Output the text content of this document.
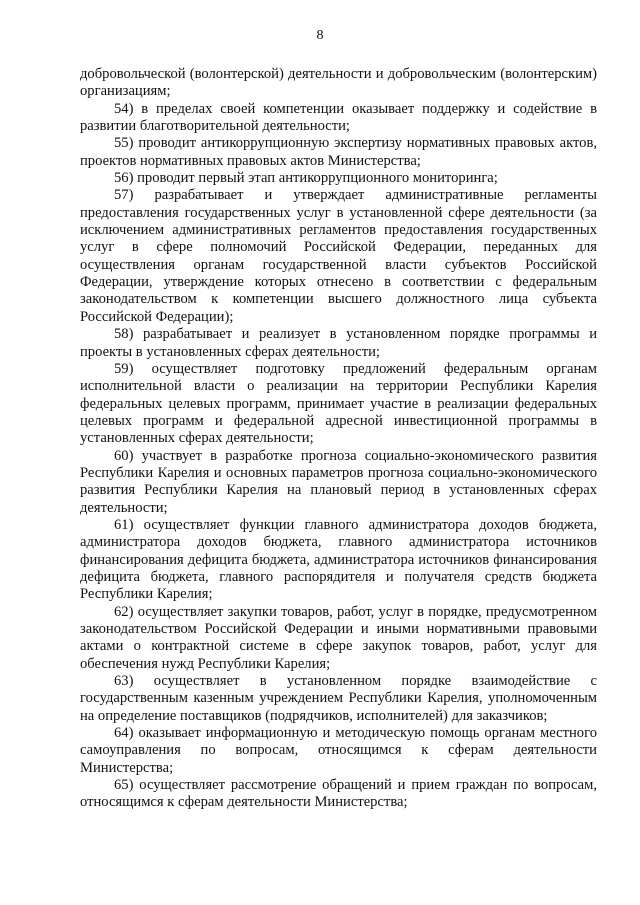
8

добровольческой (волонтерской) деятельности и добровольческим (волонтерским) организациям;

54) в пределах своей компетенции оказывает поддержку и содействие в развитии благотворительной деятельности;

55) проводит антикоррупционную экспертизу нормативных правовых актов, проектов нормативных правовых актов Министерства;

56) проводит первый этап антикоррупционного мониторинга;

57) разрабатывает и утверждает административные регламенты предоставления государственных услуг в установленной сфере деятельности (за исключением административных регламентов предоставления государственных услуг в сфере полномочий Российской Федерации, переданных для осуществления органам государственной власти субъектов Российской Федерации, утверждение которых отнесено в соответствии с федеральным законодательством к компетенции высшего должностного лица субъекта Российской Федерации);

58) разрабатывает и реализует в установленном порядке программы и проекты в установленных сферах деятельности;

59) осуществляет подготовку предложений федеральным органам исполнительной власти о реализации на территории Республики Карелия федеральных целевых программ, принимает участие в реализации федеральных целевых программ и федеральной адресной инвестиционной программы в установленных сферах деятельности;

60) участвует в разработке прогноза социально-экономического развития Республики Карелия и основных параметров прогноза социально-экономического развития Республики Карелия на плановый период в установленных сферах деятельности;

61) осуществляет функции главного администратора доходов бюджета, администратора доходов бюджета, главного администратора источников финансирования дефицита бюджета, администратора источников финансирования дефицита бюджета, главного распорядителя и получателя средств бюджета Республики Карелия;

62) осуществляет закупки товаров, работ, услуг в порядке, предусмотренном законодательством Российской Федерации и иными нормативными правовыми актами о контрактной системе в сфере закупок товаров, работ, услуг для обеспечения нужд Республики Карелия;

63) осуществляет в установленном порядке взаимодействие с государственным казенным учреждением Республики Карелия, уполномоченным на определение поставщиков (подрядчиков, исполнителей) для заказчиков;

64) оказывает информационную и методическую помощь органам местного самоуправления по вопросам, относящимся к сферам деятельности Министерства;

65) осуществляет рассмотрение обращений и прием граждан по вопросам, относящимся к сферам деятельности Министерства;
